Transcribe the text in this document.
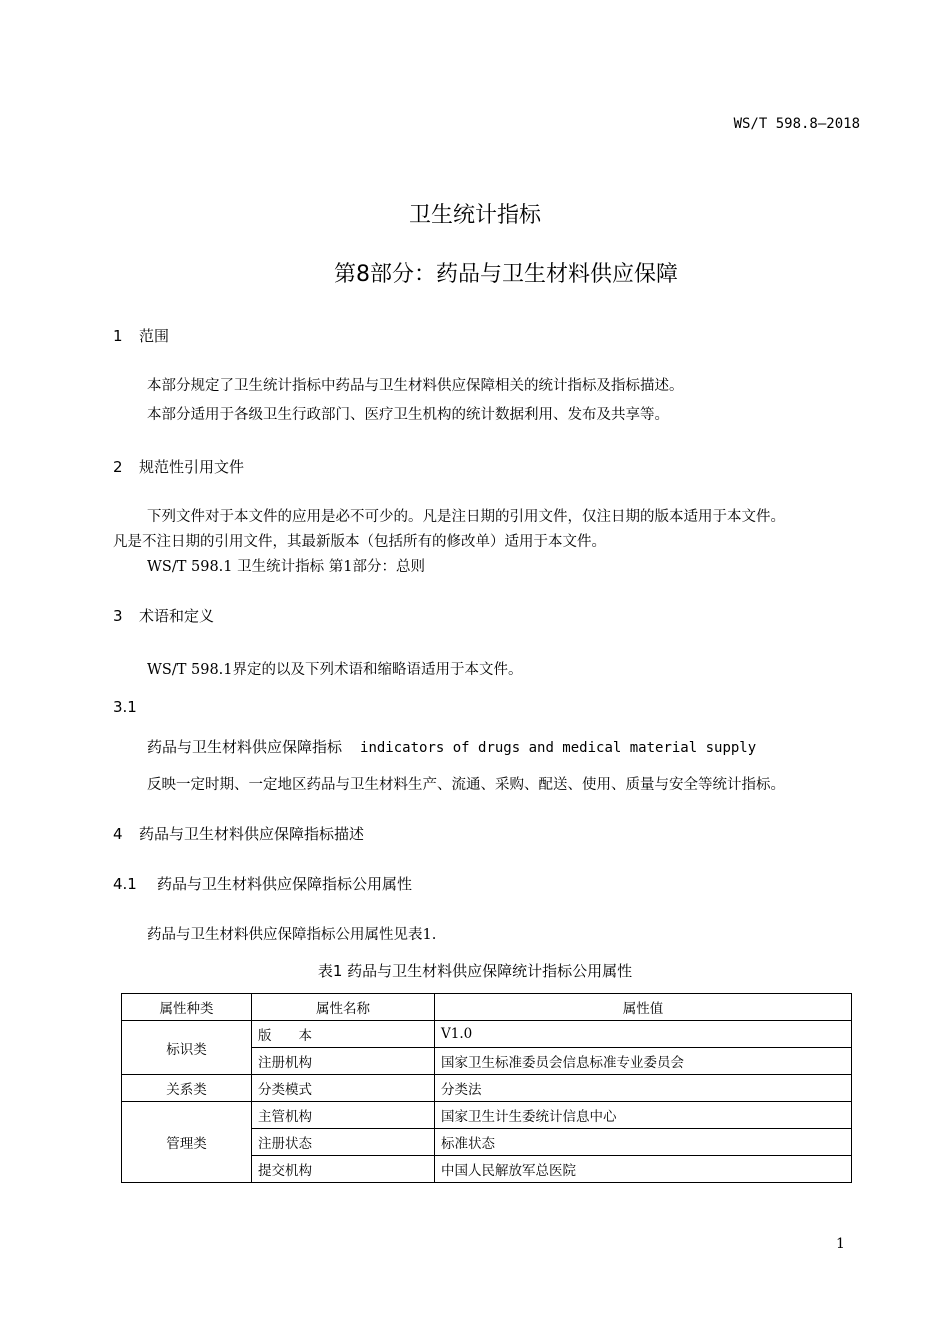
WS/T 598.8—2018
卫生统计指标
第8部分：药品与卫生材料供应保障
1 范围
本部分规定了卫生统计指标中药品与卫生材料供应保障相关的统计指标及指标描述。
本部分适用于各级卫生行政部门、医疗卫生机构的统计数据利用、发布及共享等。
2 规范性引用文件
下列文件对于本文件的应用是必不可少的。凡是注日期的引用文件，仅注日期的版本适用于本文件。
凡是不注日期的引用文件，其最新版本（包括所有的修改单）适用于本文件。
WS/T 598.1 卫生统计指标 第1部分：总则
3 术语和定义
WS/T 598.1界定的以及下列术语和缩略语适用于本文件。
3.1
药品与卫生材料供应保障指标 indicators of drugs and medical material supply
反映一定时期、一定地区药品与卫生材料生产、流通、采购、配送、使用、质量与安全等统计指标。
4 药品与卫生材料供应保障指标描述
4.1 药品与卫生材料供应保障指标公用属性
药品与卫生材料供应保障指标公用属性见表1.
表1 药品与卫生材料供应保障统计指标公用属性
属性种类	属性名称	属性值
标识类	版　　本	V1.0
	注册机构	国家卫生标准委员会信息标准专业委员会
关系类	分类模式	分类法
管理类	主管机构	国家卫生计生委统计信息中心
	注册状态	标准状态
	提交机构	中国人民解放军总医院
1
